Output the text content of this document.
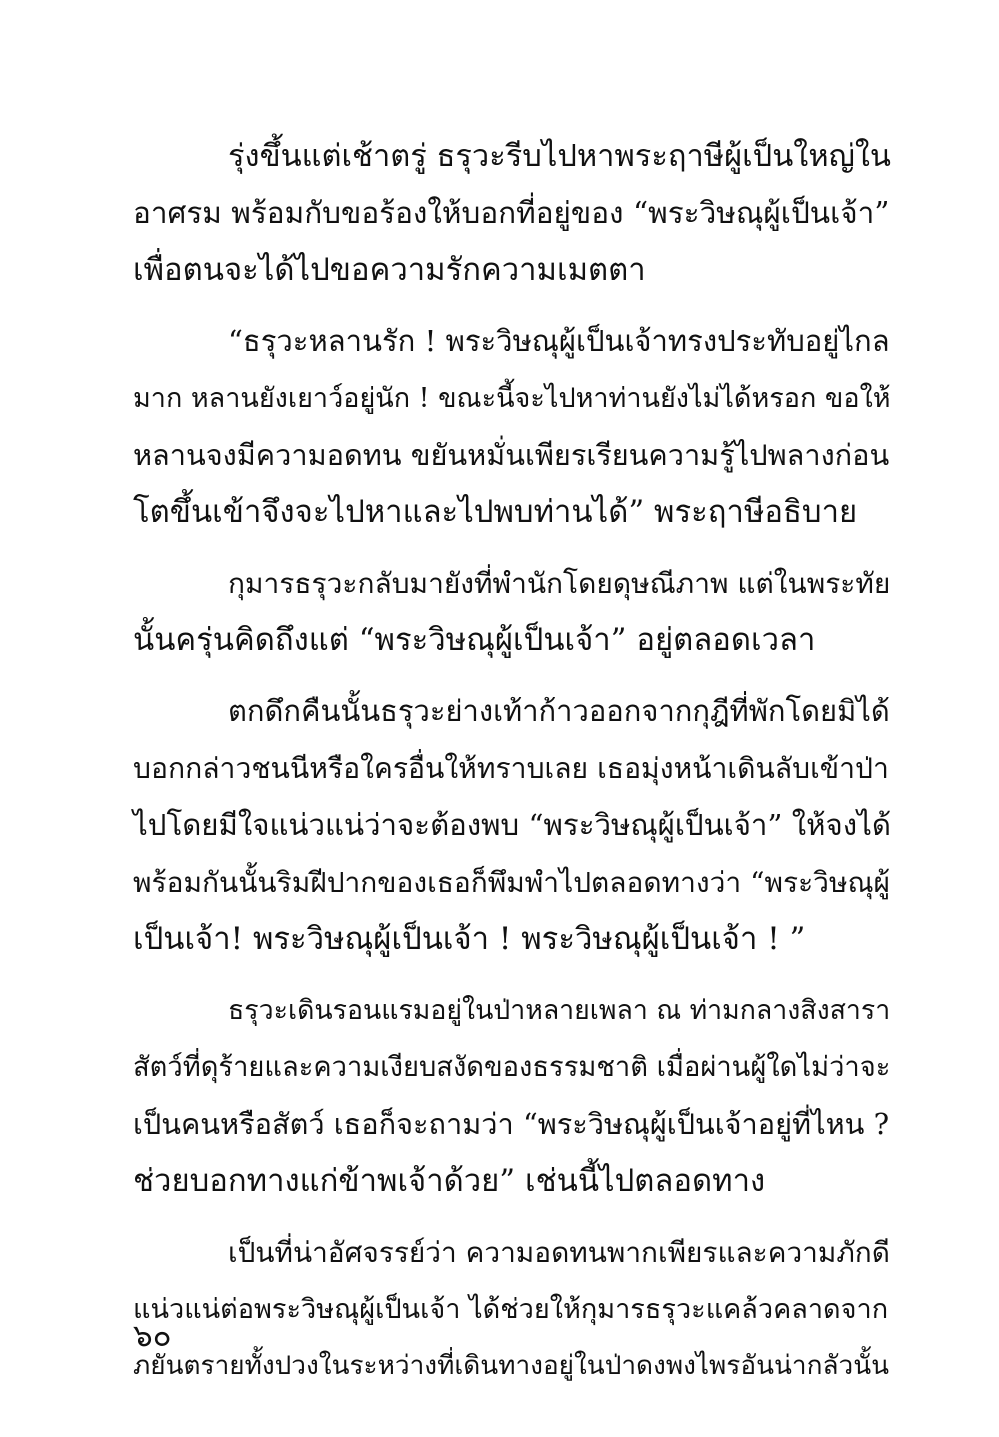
รุ่งขึ้นแต่เช้าตรู่ ธรุวะรีบไปหาพระฤาษีผู้เป็นใหญ่ใน
อาศรม พร้อมกับขอร้องให้บอกที่อยู่ของ “พระวิษณุผู้เป็นเจ้า”
เพื่อตนจะได้ไปขอความรักความเมตตา
“ธรุวะหลานรัก ! พระวิษณุผู้เป็นเจ้าทรงประทับอยู่ไกล
มาก หลานยังเยาว์อยู่นัก ! ขณะนี้จะไปหาท่านยังไม่ได้หรอก ขอให้
หลานจงมีความอดทน ขยันหมั่นเพียรเรียนความรู้ไปพลางก่อน
โตขึ้นเข้าจึงจะไปหาและไปพบท่านได้” พระฤาษีอธิบาย
กุมารธรุวะกลับมายังที่พำนักโดยดุษณีภาพ แต่ในพระทัย
นั้นครุ่นคิดถึงแต่ “พระวิษณุผู้เป็นเจ้า” อยู่ตลอดเวลา
ตกดึกคืนนั้นธรุวะย่างเท้าก้าวออกจากกุฎีที่พักโดยมิได้
บอกกล่าวชนนีหรือใครอื่นให้ทราบเลย เธอมุ่งหน้าเดินลับเข้าป่า
ไปโดยมีใจแน่วแน่ว่าจะต้องพบ “พระวิษณุผู้เป็นเจ้า” ให้จงได้
พร้อมกันนั้นริมฝีปากของเธอก็พึมพำไปตลอดทางว่า “พระวิษณุผู้
เป็นเจ้า! พระวิษณุผู้เป็นเจ้า ! พระวิษณุผู้เป็นเจ้า ! ”
ธรุวะเดินรอนแรมอยู่ในป่าหลายเพลา ณ ท่ามกลางสิงสารา
สัตว์ที่ดุร้ายและความเงียบสงัดของธรรมชาติ เมื่อผ่านผู้ใดไม่ว่าจะ
เป็นคนหรือสัตว์ เธอก็จะถามว่า “พระวิษณุผู้เป็นเจ้าอยู่ที่ไหน ?
ช่วยบอกทางแก่ข้าพเจ้าด้วย” เช่นนี้ไปตลอดทาง
เป็นที่น่าอัศจรรย์ว่า ความอดทนพากเพียรและความภักดี
แน่วแน่ต่อพระวิษณุผู้เป็นเจ้า ได้ช่วยให้กุมารธรุวะแคล้วคลาดจาก
ภยันตรายทั้งปวงในระหว่างที่เดินทางอยู่ในป่าดงพงไพรอันน่ากลัวนั้น
๖๐
